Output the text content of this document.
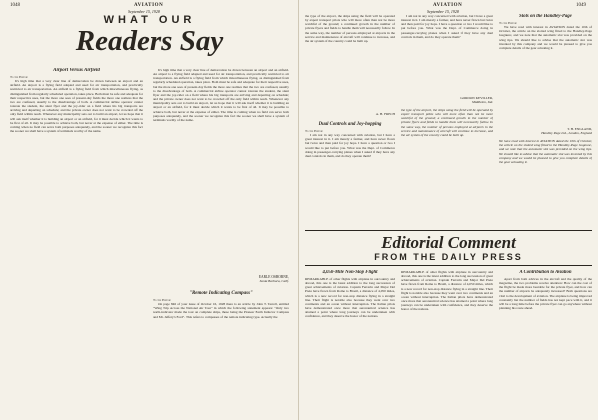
1048	AVIATION
September 15, 1928
WHAT OUR
Readers Say
Airport Versus Airfield

To the Editor:

It's high time that a very clear line of demarcation be drawn between an airport and an airfield. An airport is a flying field adapted and used for air transportation, and practically restricted to air transportation. An airfield is a flying field from which miscellaneous flying, as distinguished from regularly scheduled operation, takes place. Both must be safe and adequate for their respective uses, but the more one sees of present-day fields the more one realizes that the two are confused, usually to the disadvantage of both. A commercial airline operator cannot tolerate the student, the stunt flyer and the joy-rider on a field where his big transports are arriving and departing on schedule; and the private owner does not want to be crowded off the only field within reach. Whenever any municipality sets out to build an airport, let us hope that it will ask itself whether it is building an airport or an airfield, for it must decide which it wants to be first of all. It may be possible to achieve both, but never at the expense of either. The time is coming when no field can serve both purposes adequately, and the sooner we recognize this fact the sooner we shall have a system of terminals worthy of the name.

It's high time that a very clear line of demarcation be drawn between an airport and an airfield. An airport is a flying field adapted and used for air transportation, and practically restricted to air transportation. An airfield is a flying field from which miscellaneous flying, as distinguished from regularly scheduled operation, takes place. Both must be safe and adequate for their respective uses, but the more one sees of present-day fields the more one realizes that the two are confused, usually to the disadvantage of both. A commercial airline operator cannot tolerate the student, the stunt flyer and the joy-rider on a field where his big transports are arriving and departing on schedule; and the private owner does not want to be crowded off the only field within reach. Whenever any municipality sets out to build an airport, let us hope that it will ask itself whether it is building an airport or an airfield, for it must decide which it wants to be first of all. It may be possible to achieve both, but never at the expense of either. The time is coming when no field can serve both purposes adequately, and the sooner we recognize this fact the sooner we shall have a system of terminals worthy of the name.

EARLE OSBORNE,
Santa Barbara, Calif.
"Remote Indicating Compass"

To the Editor:

On page 846 of your issue of October 16, 1928 there is an article by John T. Terrell, entitled "Wing Trip Across the National Air Tour" in which the following statement appears: "Only two north-indicator made the tour on complete ships, these being the Pioneer Earth Inductor Compass and Mr. Jeffery's Ford". This refers to compasses of the remote indicating type. Actually the

AVIATION
September 15, 1928
1049

the type of the airport, the ships using the field will be operated by expert transport pilots who will more often than not be more watchful of the ground; a continued growth in the number of private flyers and fields to handle them will necessarily follow. In the same way, the number of persons employed at airports in the service and maintenance of aircraft will continue to increase, and the air system of the country could be built up.

A. H. FRECH
Dual Controls and Joy-hopping

To the Editor:

I am not in any way concerned with aviation, but I have a great interest in it. I am merely a farmer, and have never flown but twice and then paid for joy hops. I have a question or two I would like to put before you. What was the Dept. of Commerce doing in passenger-carrying planes when I asked if they have any dual controls in them, and do they operate them?

I am not in any way concerned with aviation, but I have a great interest in it. I am merely a farmer, and have never flown but twice and then paid for joy hops. I have a question or two I would like to put before you. What was the Dept. of Commerce doing in passenger-carrying planes when I asked if they have any dual controls in them, and do they operate them?

GORDON KEVILLER,
Middleton, Ind.

the type of the airport, the ships using the field will be operated by expert transport pilots who will more often than not be more watchful of the ground; a continued growth in the number of private flyers and fields to handle them will necessarily follow. In the same way, the number of persons employed at airports in the service and maintenance of aircraft will continue to increase, and the air system of the country could be built up.

Slots on the Handley-Page

To the Editor:

We have read with interest in AVIATION dated the 10th of October, the article on the slotted wing fitted to the Handley-Page Gugnunc, and we note that the automatic slot was provided on the wing tips. We should like to advise that the automatic slot was invented by this company and we would be pleased to give you complete details of the gear actuating it.

T. H. ENGLAND,
Handley Page Ltd., London, England

We have read with interest in AVIATION dated the 10th of October, the article on the slotted wing fitted to the Handley-Page Gugnunc, and we note that the automatic slot was provided on the wing tips. We should like to advise that the automatic slot was invented by this company and we would be pleased to give you complete details of the gear actuating it.

Editorial Comment
FROM THE DAILY PRESS
4,050-Mile Non-Stop Flight

REMARKABLE of other flights with airplane in ourcountry and abroad, this one is the latest addition to the long succession of great achievements of aviation. Captain Ferrarin and Major Del Prete have flown from Rome to Brazil, a distance of 4,050 miles, which is a new record for non-stop distance flying in a straight line. Their flight is notable also because they went over two continents and an ocean without interruption. The Italian pilots have demonstrated once more that aeronautical science has attained a point where long journeys can be undertaken with confidence, and they deserve the honor of the nations.

REMARKABLE of other flights with airplane in ourcountry and abroad, this one is the latest addition to the long succession of great achievements of aviation. Captain Ferrarin and Major Del Prete have flown from Rome to Brazil, a distance of 4,050 miles, which is a new record for non-stop distance flying in a straight line. Their flight is notable also because they went over two continents and an ocean without interruption. The Italian pilots have demonstrated once more that aeronautical science has attained a point where long journeys can be undertaken with confidence, and they deserve the honor of the nations.

A Contribution to Aviation

Apart from both advices in the aircraft and the quality of the magazine, the two problems receive attention: How can the cost of the flight be made more bearable for the private flyer, and how can the number of airports be adequately increased? Both questions are vital to the development of aviation. The airplane is being improved constantly but the number of fields has not kept pace with it, and it will be a long time before the private flyer can go anywhere without planning his route ahead.
